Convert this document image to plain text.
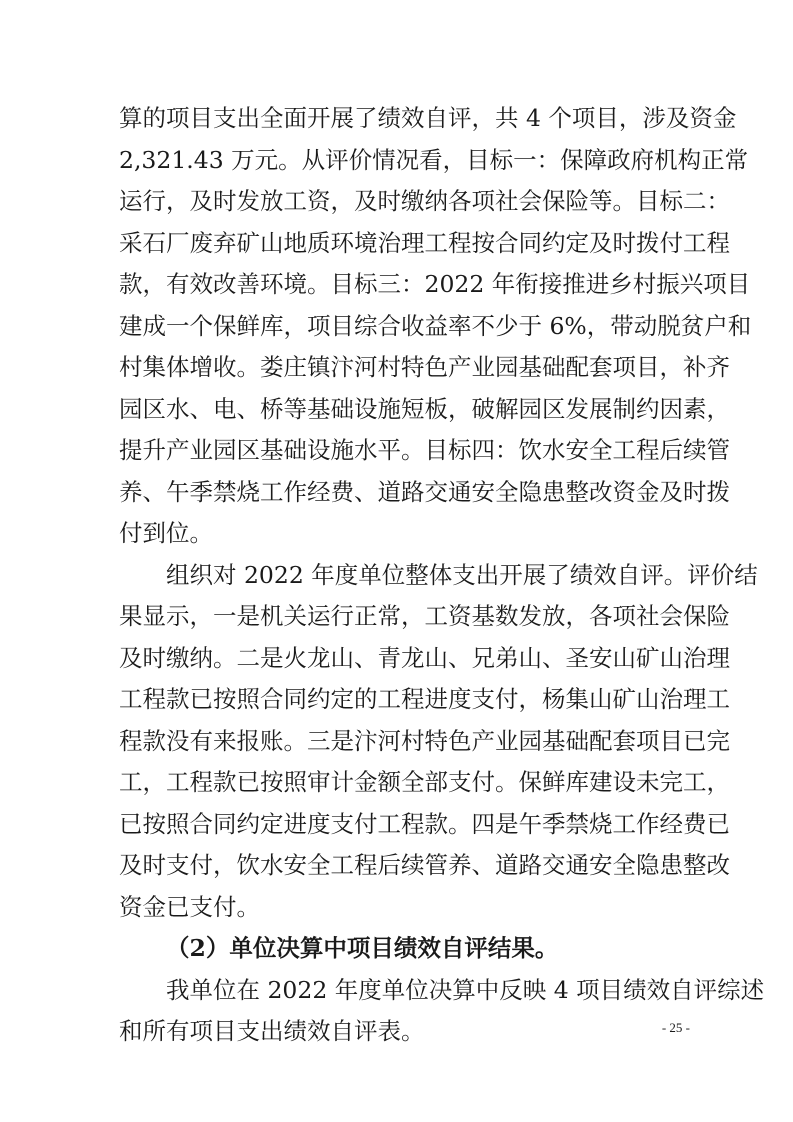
算的项目支出全面开展了绩效自评，共 4 个项目，涉及资金
2,321.43 万元。从评价情况看，目标一：保障政府机构正常
运行，及时发放工资，及时缴纳各项社会保险等。目标二：
采石厂废弃矿山地质环境治理工程按合同约定及时拨付工程
款，有效改善环境。目标三：2022 年衔接推进乡村振兴项目
建成一个保鲜库，项目综合收益率不少于 6%，带动脱贫户和
村集体增收。娄庄镇汴河村特色产业园基础配套项目，补齐
园区水、电、桥等基础设施短板，破解园区发展制约因素，
提升产业园区基础设施水平。目标四：饮水安全工程后续管
养、午季禁烧工作经费、道路交通安全隐患整改资金及时拨
付到位。
组织对 2022 年度单位整体支出开展了绩效自评。评价结
果显示，一是机关运行正常，工资基数发放，各项社会保险
及时缴纳。二是火龙山、青龙山、兄弟山、圣安山矿山治理
工程款已按照合同约定的工程进度支付，杨集山矿山治理工
程款没有来报账。三是汴河村特色产业园基础配套项目已完
工，工程款已按照审计金额全部支付。保鲜库建设未完工，
已按照合同约定进度支付工程款。四是午季禁烧工作经费已
及时支付，饮水安全工程后续管养、道路交通安全隐患整改
资金已支付。
（2）单位决算中项目绩效自评结果。
我单位在 2022 年度单位决算中反映 4 项目绩效自评综述
和所有项目支出绩效自评表。	- 25 -
